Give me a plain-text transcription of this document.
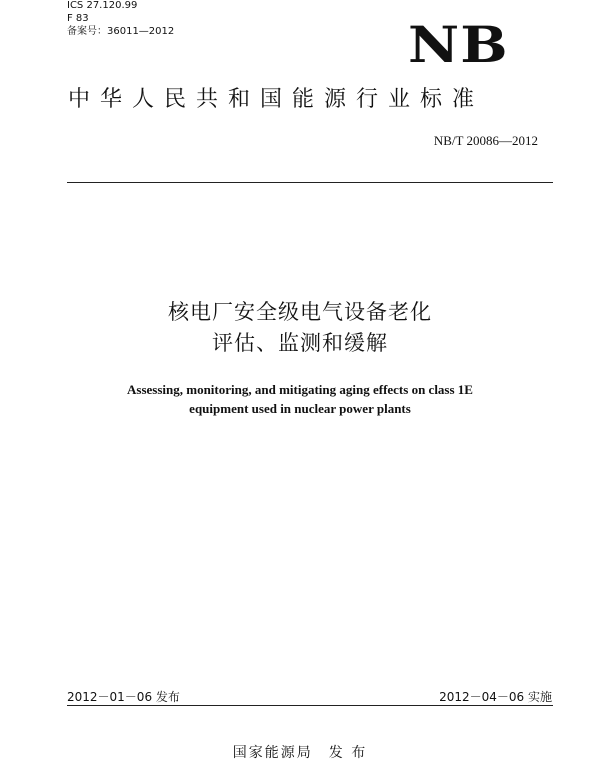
ICS 27.120.99
F 83
备案号：36011—2012	NB
中华人民共和国能源行业标准
NB/T 20086—2012
核电厂安全级电气设备老化
评估、监测和缓解
Assessing, monitoring, and mitigating aging effects on class 1E
equipment used in nuclear power plants
2012－01－06 发布	2012－04－06 实施
国家能源局　发 布
